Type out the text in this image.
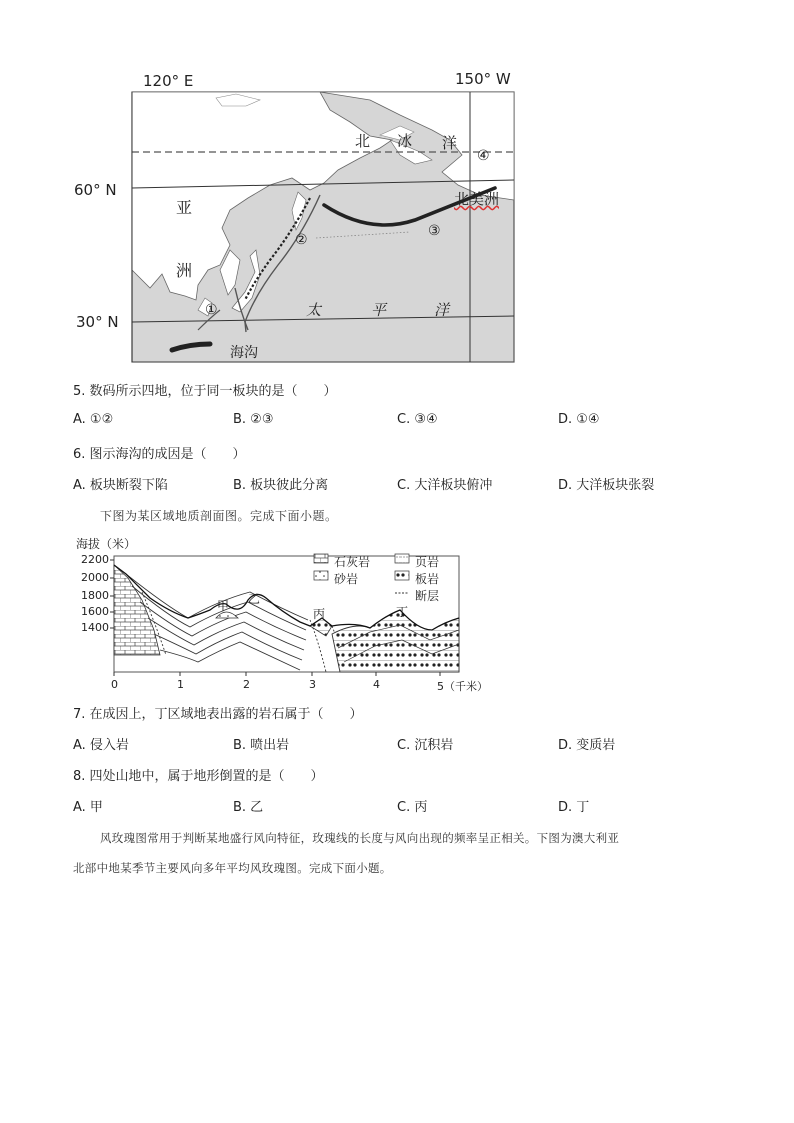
120° E	150° W
60° N
30° N
北 冰 洋
亚
洲
北美洲
太	平	洋
①
②
③
④
海沟
5. 数码所示四地，位于同一板块的是（　　）
A. ①②	B. ②③	C. ③④	D. ①④
6. 图示海沟的成因是（　　）
A. 板块断裂下陷	B. 板块彼此分离	C. 大洋板块俯冲	D. 大洋板块张裂
下图为某区域地质剖面图。完成下面小题。
海拔（米）
2200
2000
1800
1600
1400
0	1	2	3	4	5（千米）
甲 乙
丙	丁
石灰岩	页岩
砂岩	板岩
断层
7. 在成因上，丁区域地表出露的岩石属于（　　）
A. 侵入岩	B. 喷出岩	C. 沉积岩	D. 变质岩
8. 四处山地中，属于地形倒置的是（　　）
A. 甲	B. 乙	C. 丙	D. 丁
风玫瑰图常用于判断某地盛行风向特征，玫瑰线的长度与风向出现的频率呈正相关。下图为澳大利亚
北部中地某季节主要风向多年平均风玫瑰图。完成下面小题。
